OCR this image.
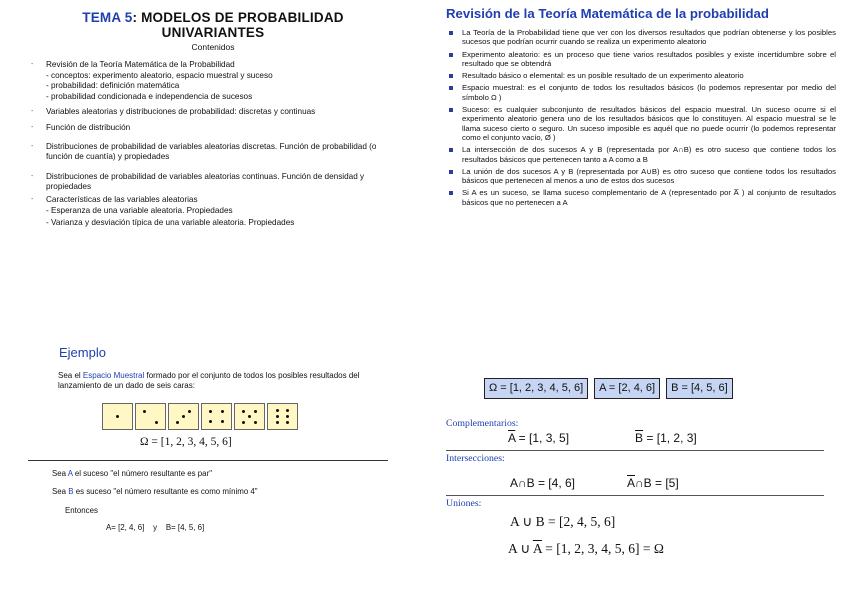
TEMA 5: MODELOS DE PROBABILIDAD
UNIVARIANTES
Contenidos
- Revisión de la Teoría Matemática de la Probabilidad
- conceptos: experimento aleatorio, espacio muestral y suceso
- probabilidad: definición matemática
- probabilidad condicionada e independencia de sucesos
- Variables aleatorias y distribuciones de probabilidad: discretas y continuas
- Función de distribución
- Distribuciones de probabilidad de variables aleatorias discretas. Función de probabilidad (o función de cuantía) y propiedades
- Distribuciones de probabilidad de variables aleatorias continuas. Función de densidad y propiedades
- Características de las variables aleatorias
- Esperanza de una variable aleatoria. Propiedades
- Varianza y desviación típica de una variable aleatoria. Propiedades
Revisión de la Teoría Matemática de la probabilidad
La Teoría de la Probabilidad tiene que ver con los diversos resultados que podrían obtenerse y los posibles sucesos que podrían ocurrir cuando se realiza un experimento aleatorio
Experimento aleatorio: es un proceso que tiene varios resultados posibles y existe incertidumbre sobre el resultado que se obtendrá
Resultado básico o elemental: es un posible resultado de un experimento aleatorio
Espacio muestral: es el conjunto de todos los resultados básicos (lo podemos representar por medio del símbolo Ω )
Suceso: es cualquier subconjunto de resultados básicos del espacio muestral. Un suceso ocurre si el experimento aleatorio genera uno de los resultados básicos que lo constituyen. Al espacio muestral se le llama suceso cierto o seguro. Un suceso imposible es aquél que no puede ocurrir (lo podemos representar como el conjunto vacío, Ø )
La intersección de dos sucesos A y B (representada por A∩B) es otro suceso que contiene todos los resultados básicos que pertenecen tanto a A como a B
La unión de dos sucesos A y B (representada por A∪B) es otro suceso que contiene todos los resultados básicos que pertenecen al menos a uno de estos dos sucesos
Si A es un suceso, se llama suceso complementario de A (representado por A̅ ) al conjunto de resultados básicos que no pertenecen a A
Ejemplo
Sea el Espacio Muestral formado por el conjunto de todos los posibles resultados del lanzamiento de un dado de seis caras:
Ω = [1, 2, 3, 4, 5, 6]
Sea A el suceso "el número resultante es par"
Sea B es suceso "el número resultante es como mínimo 4"
Entonces
A= [2, 4, 6]    y    B= [4, 5, 6]
Ω = [1, 2, 3, 4, 5, 6]	A = [2, 4, 6]	B = [4, 5, 6]
Complementarios:
$\overline{A} = [1$, 3, 5]	$\overline{B} = [1$, 2, 3]
Intersecciones:
A∩B = [4, 6]	$\overline{A}\cap B = [5]$
Uniones:
A ∪ B = [2, 4, 5, 6]
A ∪ $\overline{A} = [1$, 2, 3, 4, 5, 6] = Ω
